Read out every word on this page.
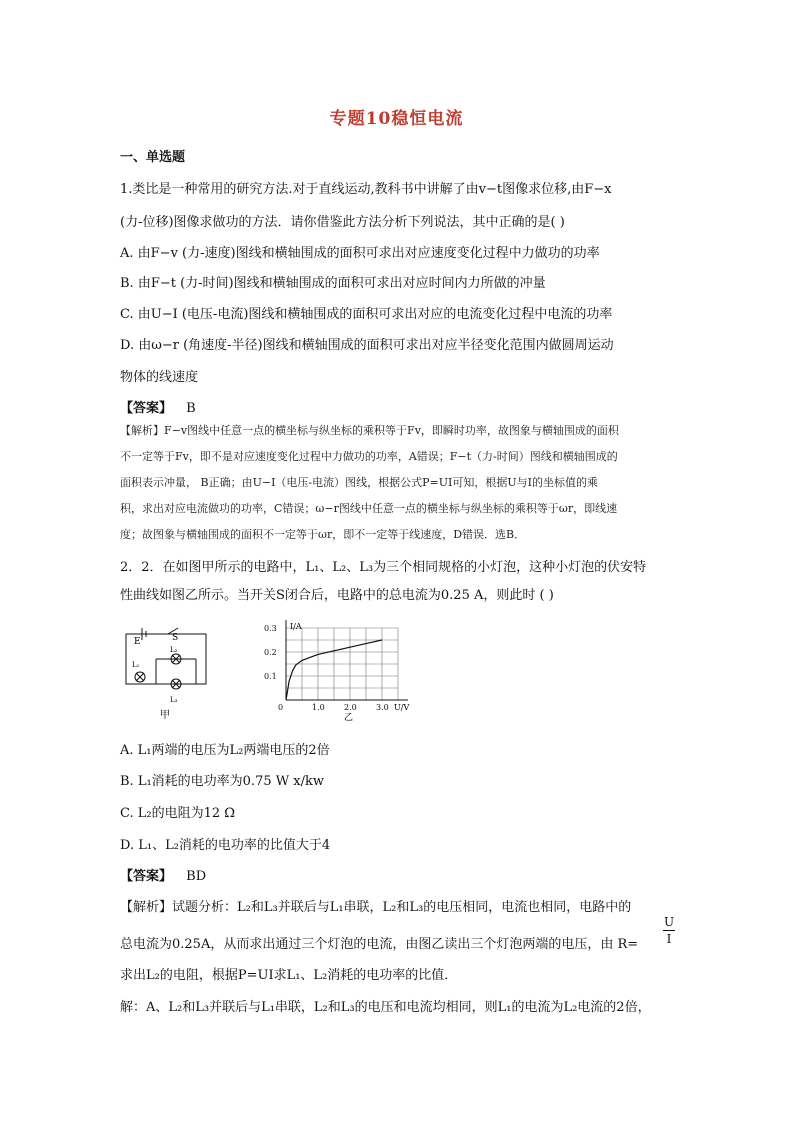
专题10稳恒电流
一、单选题
1.类比是一种常用的研究方法.对于直线运动,教科书中讲解了由v−t图像求位移,由F−x
(力-位移)图像求做功的方法．请你借鉴此方法分析下列说法，其中正确的是( )
A. 由F−v (力-速度)图线和横轴围成的面积可求出对应速度变化过程中力做功的功率
B. 由F−t (力-时间)图线和横轴围成的面积可求出对应时间内力所做的冲量
C. 由U−I (电压-电流)图线和横轴围成的面积可求出对应的电流变化过程中电流的功率
D. 由ω−r (角速度-半径)图线和横轴围成的面积可求出对应半径变化范围内做圆周运动
物体的线速度
【答案】 B
【解析】F−v图线中任意一点的横坐标与纵坐标的乘积等于Fv，即瞬时功率，故图象与横轴围成的面积
不一定等于Fv，即不是对应速度变化过程中力做功的功率，A错误；F−t（力-时间）图线和横轴围成的
面积表示冲量， B正确；由U−I（电压-电流）图线，根据公式P=UI可知，根据U与I的坐标值的乘
积，求出对应电流做功的功率，C错误；ω−r图线中任意一点的横坐标与纵坐标的乘积等于ωr，即线速
度；故图象与横轴围成的面积不一定等于ωr，即不一定等于线速度，D错误．选B．
2．2．在如图甲所示的电路中，L₁、L₂、L₃为三个相同规格的小灯泡，这种小灯泡的伏安特
性曲线如图乙所示。当开关S闭合后，电路中的总电流为0.25 A，则此时 ( )
E	S
L₁
L₂
L₃
甲
0.3
0.2
0.1
0	1.0 2.0 3.0
I/A
U/V
乙
A. L₁两端的电压为L₂两端电压的2倍
B. L₁消耗的电功率为0.75 W x/kw
C. L₂的电阻为12 Ω
D. L₁、L₂消耗的电功率的比值大于4
【答案】 BD
【解析】试题分析：L₂和L₃并联后与L₁串联，L₂和L₃的电压相同，电流也相同，电路中的
总电流为0.25A，从而求出通过三个灯泡的电流，由图乙读出三个灯泡两端的电压，由 R=
U
I
求出L₂的电阻，根据P=UI求L₁、L₂消耗的电功率的比值．
解：A、L₂和L₃并联后与L₁串联，L₂和L₃的电压和电流均相同，则L₁的电流为L₂电流的2倍，
